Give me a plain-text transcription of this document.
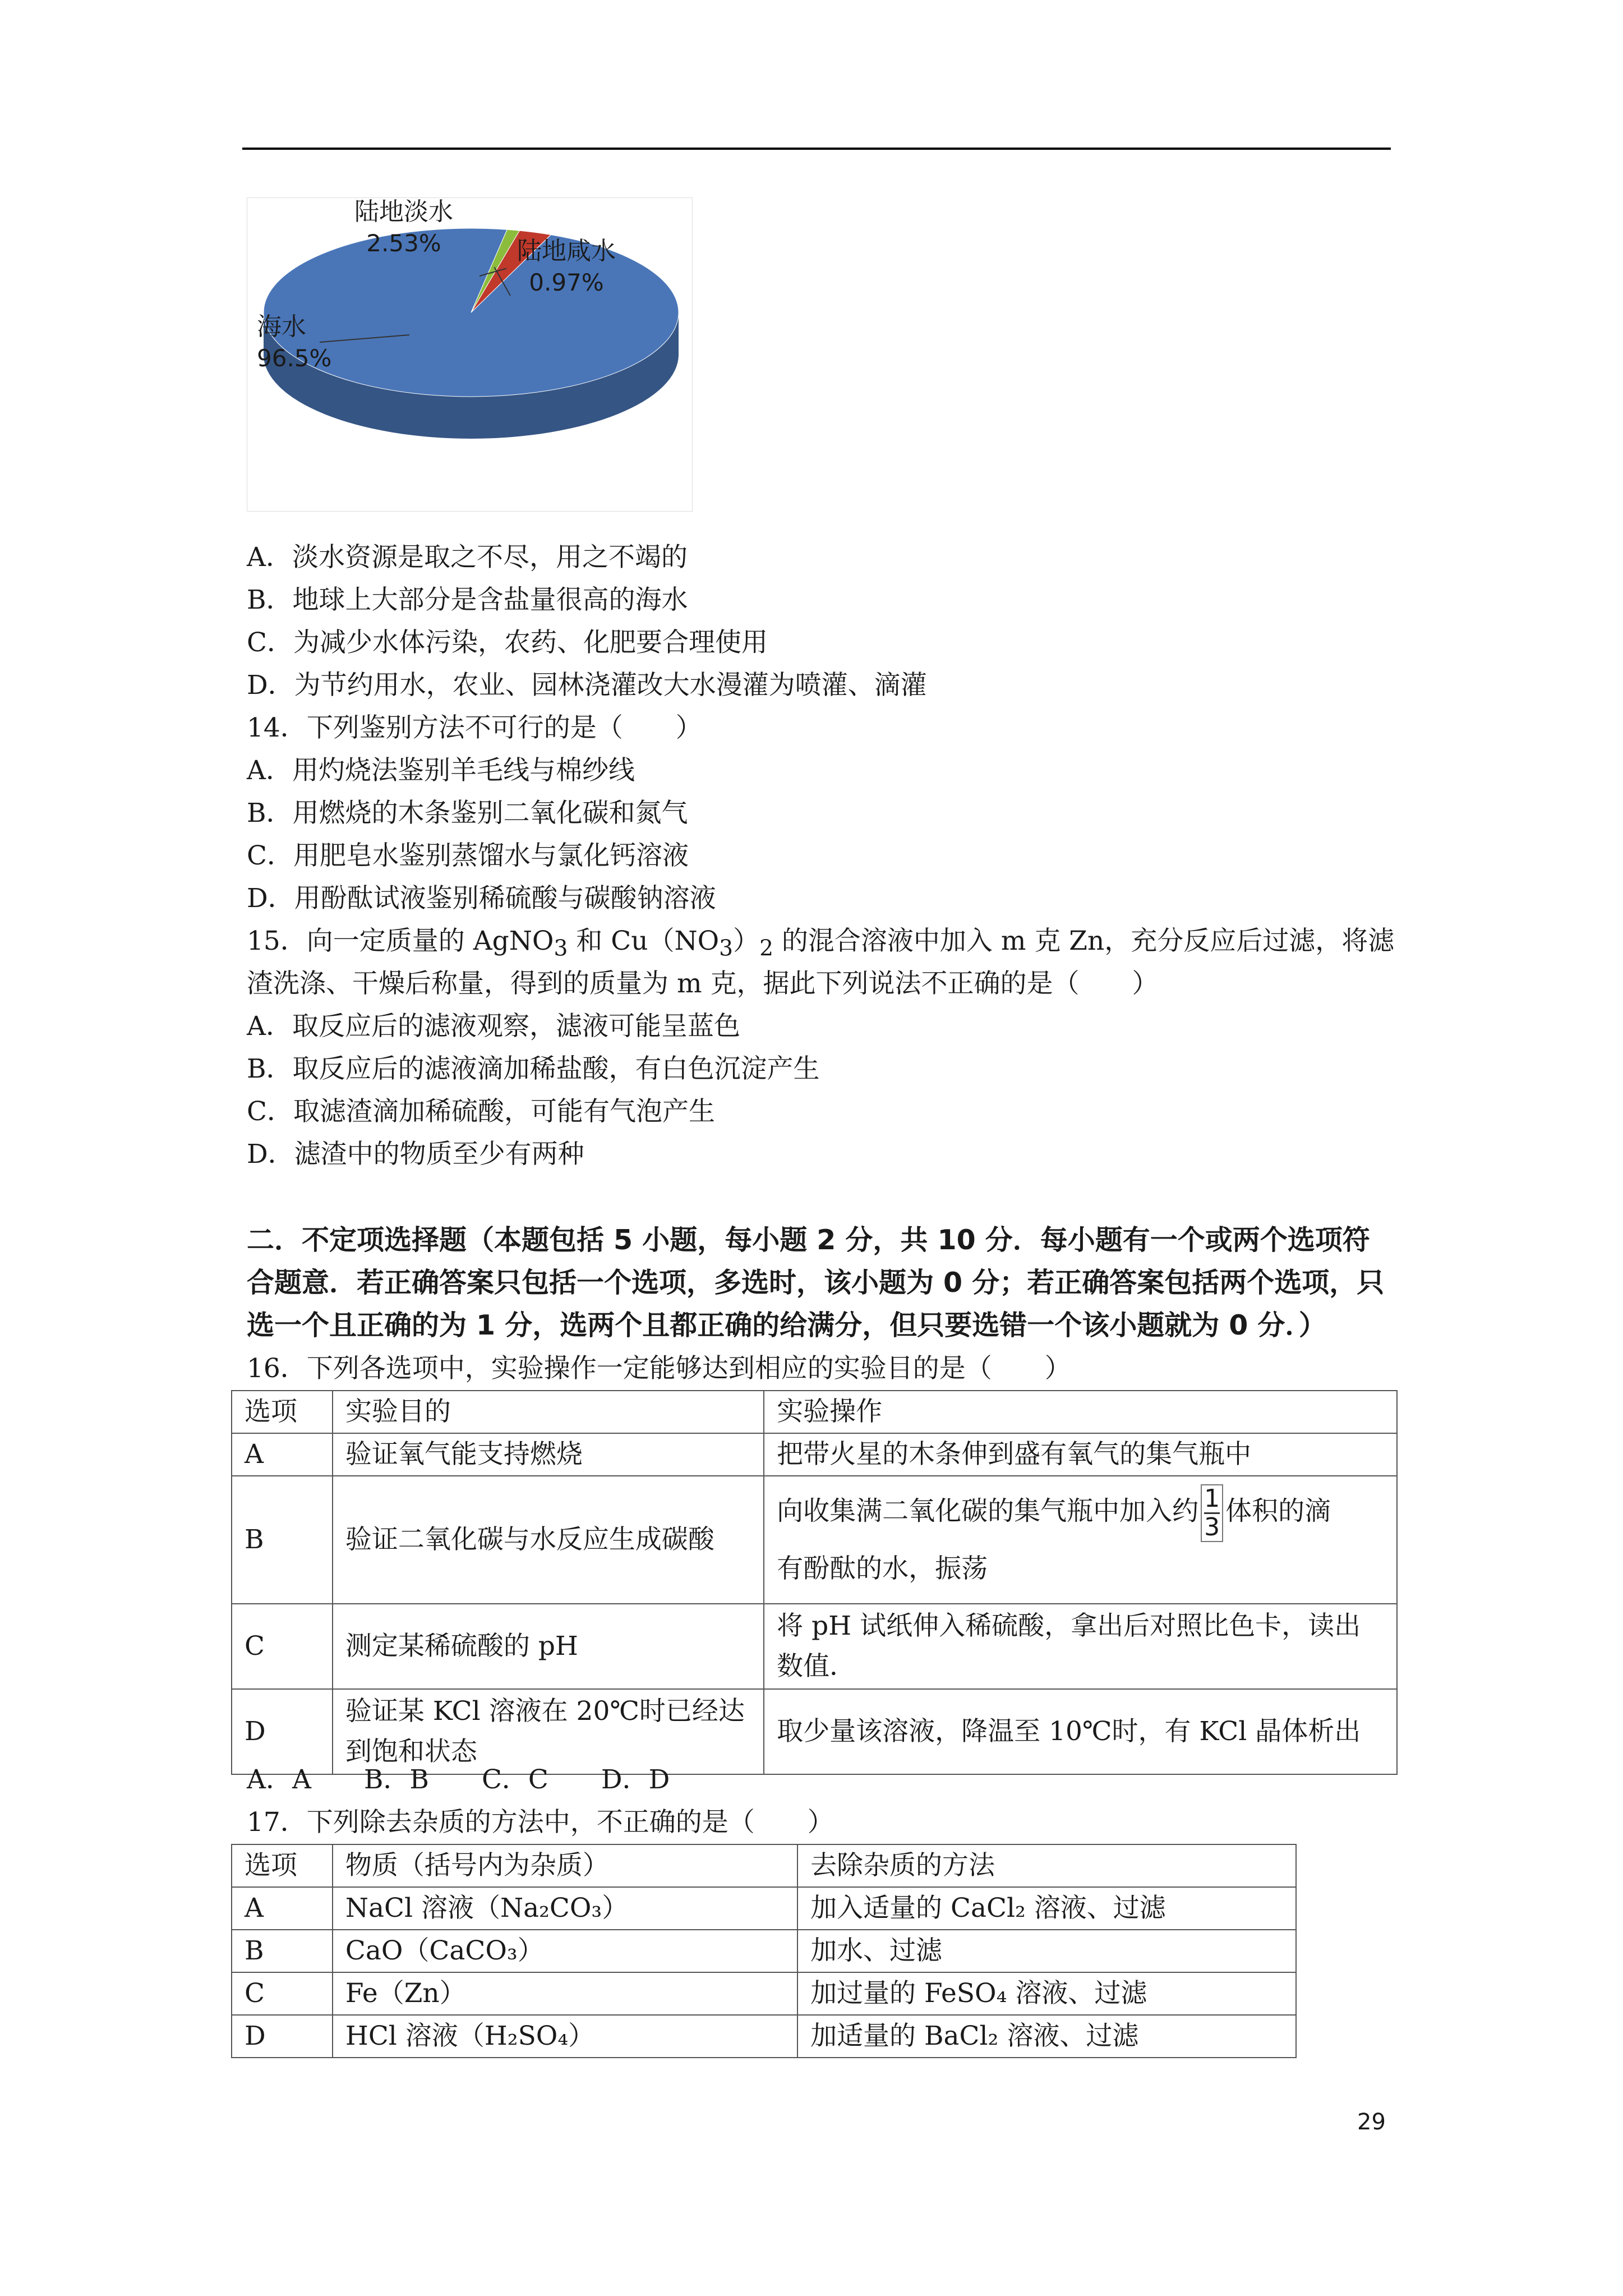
海水
96.5%
陆地淡水
2.53%	陆地咸水
0.97%
A．淡水资源是取之不尽，用之不竭的
B．地球上大部分是含盐量很高的海水
C．为减少水体污染，农药、化肥要合理使用
D．为节约用水，农业、园林浇灌改大水漫灌为喷灌、滴灌
14．下列鉴别方法不可行的是（　　）
A．用灼烧法鉴别羊毛线与棉纱线
B．用燃烧的木条鉴别二氧化碳和氮气
C．用肥皂水鉴别蒸馏水与氯化钙溶液
D．用酚酞试液鉴别稀硫酸与碳酸钠溶液
15．向一定质量的 AgNO$_3$ 和 $Cu(NO_3)_2$ 的混合溶液中加入 m 克 Zn，充分反应后过滤，将滤
渣洗涤、干燥后称量，得到的质量为 m 克，据此下列说法不正确的是（　　）
A．取反应后的滤液观察，滤液可能呈蓝色
B．取反应后的滤液滴加稀盐酸，有白色沉淀产生
C．取滤渣滴加稀硫酸，可能有气泡产生
D．滤渣中的物质至少有两种
二．不定项选择题（本题包括 5 小题，每小题 2 分，共 10 分．每小题有一个或两个选项符合题意．若正确答案只包括一个选项，多选时，该小题为 0 分；若正确答案包括两个选项，只选一个且正确的为 1 分，选两个且都正确的给满分，但只要选错一个该小题就为 0 分．）
16．下列各选项中，实验操作一定能够达到相应的实验目的是（　　）
选项	实验目的	实验操作
A	验证氧气能支持燃烧	把带火星的木条伸到盛有氧气的集气瓶中
B	验证二氧化碳与水反应生成碳酸	向收集满二氧化碳的集气瓶中加入约 $\frac{1}{3}$ 体积的滴
有酚酞的水，振荡
C	测定某稀硫酸的 pH	将 pH 试纸伸入稀硫酸，拿出后对照比色卡，读出数值．
D	验证某 KCl 溶液在 20℃时已经达到饱和状态	取少量该溶液，降温至 10℃时，有 KCl 晶体析出
A．A　　B．B　　C．C　　D．D
17．下列除去杂质的方法中，不正确的是（　　）
选项	物质（括号内为杂质）	去除杂质的方法
A	NaCl 溶液（Na₂CO₃）	加入适量的 CaCl₂ 溶液、过滤
B	CaO（CaCO₃）	加水、过滤
C	Fe（Zn）	加过量的 FeSO₄ 溶液、过滤
D	HCl 溶液（H₂SO₄）	加适量的 BaCl₂ 溶液、过滤
29
